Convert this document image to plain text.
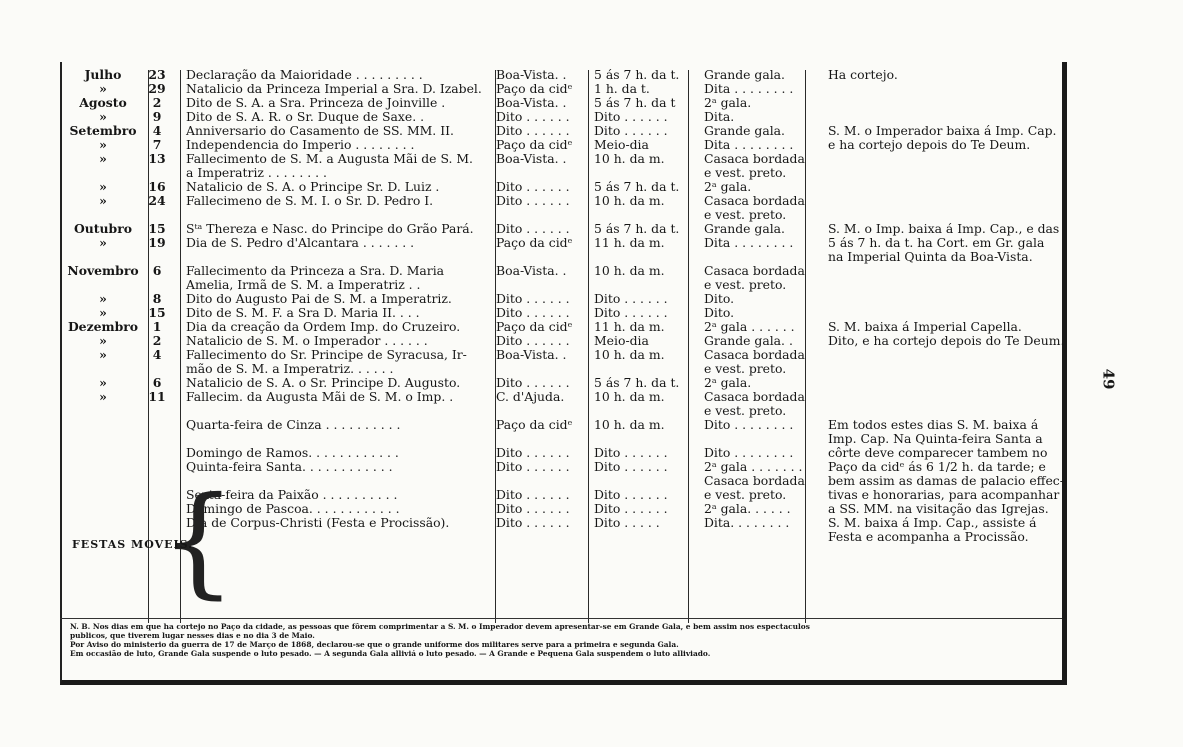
Julho	23	Declaração da Maioridade . . . . . . . . .	Boa-Vista. .	5 ás 7 h. da t.	Grande gala.	Ha cortejo.
»	29	Natalicio da Princeza Imperial a Sra. D. Izabel.	Paço da cidᵉ	1 h. da t.	Dita . . . . . . . .	
Agosto	2	Dito de S. A. a Sra. Princeza de Joinville .	Boa-Vista. .	5 ás 7 h. da t	2ᵃ gala.	
»	9	Dito de S. A. R. o Sr. Duque de Saxe. .	Dito . . . . . .	Dito . . . . . .	Dita.	
Setembro	4	Anniversario do Casamento de SS. MM. II.	Dito . . . . . .	Dito . . . . . .	Grande gala.	S. M. o Imperador baixa á Imp. Cap.
»	7	Independencia do Imperio . . . . . . . .	Paço da cidᵉ	Meio-dia	Dita . . . . . . . .	e ha cortejo depois do Te Deum.
»	13	Fallecimento de S. M. a Augusta Mãi de S. M.	Boa-Vista. .	10 h. da m.	Casaca bordada	
		a Imperatriz . . . . . . . .			e vest. preto.	
»	16	Natalicio de S. A. o Principe Sr. D. Luiz .	Dito . . . . . .	5 ás 7 h. da t.	2ᵃ gala.	
»	24	Fallecimeno de S. M. I. o Sr. D. Pedro I.	Dito . . . . . .	10 h. da m.	Casaca bordada	
					e vest. preto.	
Outubro	15	Sᵗᵃ Thereza e Nasc. do Principe do Grão Pará.	Dito . . . . . .	5 ás 7 h. da t.	Grande gala.	S. M. o Imp. baixa á Imp. Cap., e das
»	19	Dia de S. Pedro d'Alcantara . . . . . . .	Paço da cidᵉ	11 h. da m.	Dita . . . . . . . .	5 ás 7 h. da t. ha Cort. em Gr. gala
						na Imperial Quinta da Boa-Vista.
Novembro	6	Fallecimento da Princeza a Sra. D. Maria	Boa-Vista. .	10 h. da m.	Casaca bordada	
		Amelia, Irmã de S. M. a Imperatriz . .			e vest. preto.	
»	8	Dito do Augusto Pai de S. M. a Imperatriz.	Dito . . . . . .	Dito . . . . . .	Dito.	
»	15	Dito de S. M. F. a Sra D. Maria II. . . .	Dito . . . . . .	Dito . . . . . .	Dito.	
Dezembro	1	Dia da creação da Ordem Imp. do Cruzeiro.	Paço da cidᵉ	11 h. da m.	2ᵃ gala . . . . . .	S. M. baixa á Imperial Capella.
»	2	Natalicio de S. M. o Imperador . . . . . .	Dito . . . . . .	Meio-dia	Grande gala. .	Dito, e ha cortejo depois do Te Deum.
»	4	Fallecimento do Sr. Principe de Syracusa, Ir-	Boa-Vista. .	10 h. da m.	Casaca bordada	
		mão de S. M. a Imperatriz. . . . . .			e vest. preto.	
»	6	Natalicio de S. A. o Sr. Principe D. Augusto.	Dito . . . . . .	5 ás 7 h. da t.	2ᵃ gala.	
»	11	Fallecim. da Augusta Mãi de S. M. o Imp. .	C. d'Ajuda.	10 h. da m.	Casaca bordada	
					e vest. preto.	
		Quarta-feira de Cinza . . . . . . . . . .	Paço da cidᵉ	10 h. da m.	Dito . . . . . . . .	Em todos estes dias S. M. baixa á
						Imp. Cap. Na Quinta-feira Santa a
		Domingo de Ramos. . . . . . . . . . . .	Dito . . . . . .	Dito . . . . . .	Dito . . . . . . . .	côrte deve comparecer tambem no
		Quinta-feira Santa. . . . . . . . . . . .	Dito . . . . . .	Dito . . . . . .	2ᵃ gala . . . . . . .	Paço da cidᵉ ás 6 1/2 h. da tarde; e
					Casaca bordada	bem assim as damas de palacio effec-
		Sexta-feira da Paixão . . . . . . . . . .	Dito . . . . . .	Dito . . . . . .	e vest. preto.	tivas e honorarias, para acompanhar
		Domingo de Pascoa. . . . . . . . . . . .	Dito . . . . . .	Dito . . . . . .	2ᵃ gala. . . . . .	a SS. MM. na visitação das Igrejas.
		Dia de Corpus-Christi (Festa e Procissão).	Dito . . . . . .	Dito . . . . .	Dita. . . . . . . .	S. M. baixa á Imp. Cap., assiste á
						Festa e acompanha a Procissão.
{
FESTAS MOVEIS.
49
N. B. Nos dias em que ha cortejo no Paço da cidade, as pessoas que fôrem comprimentar a S. M. o Imperador devem apresentar-se em Grande Gala, e bem assim nos espectaculos
publicos, que tiverem lugar nesses dias e no dia 3 de Maio.
Por Aviso do ministerio da guerra de 17 de Março de 1868, declarou-se que o grande uniforme dos militares serve para a primeira e segunda Gala.
Em occasião de luto, Grande Gala suspende o luto pesado. — A segunda Gala alliviá o luto pesado. — A Grande e Pequena Gala suspendem o luto alliviado.
